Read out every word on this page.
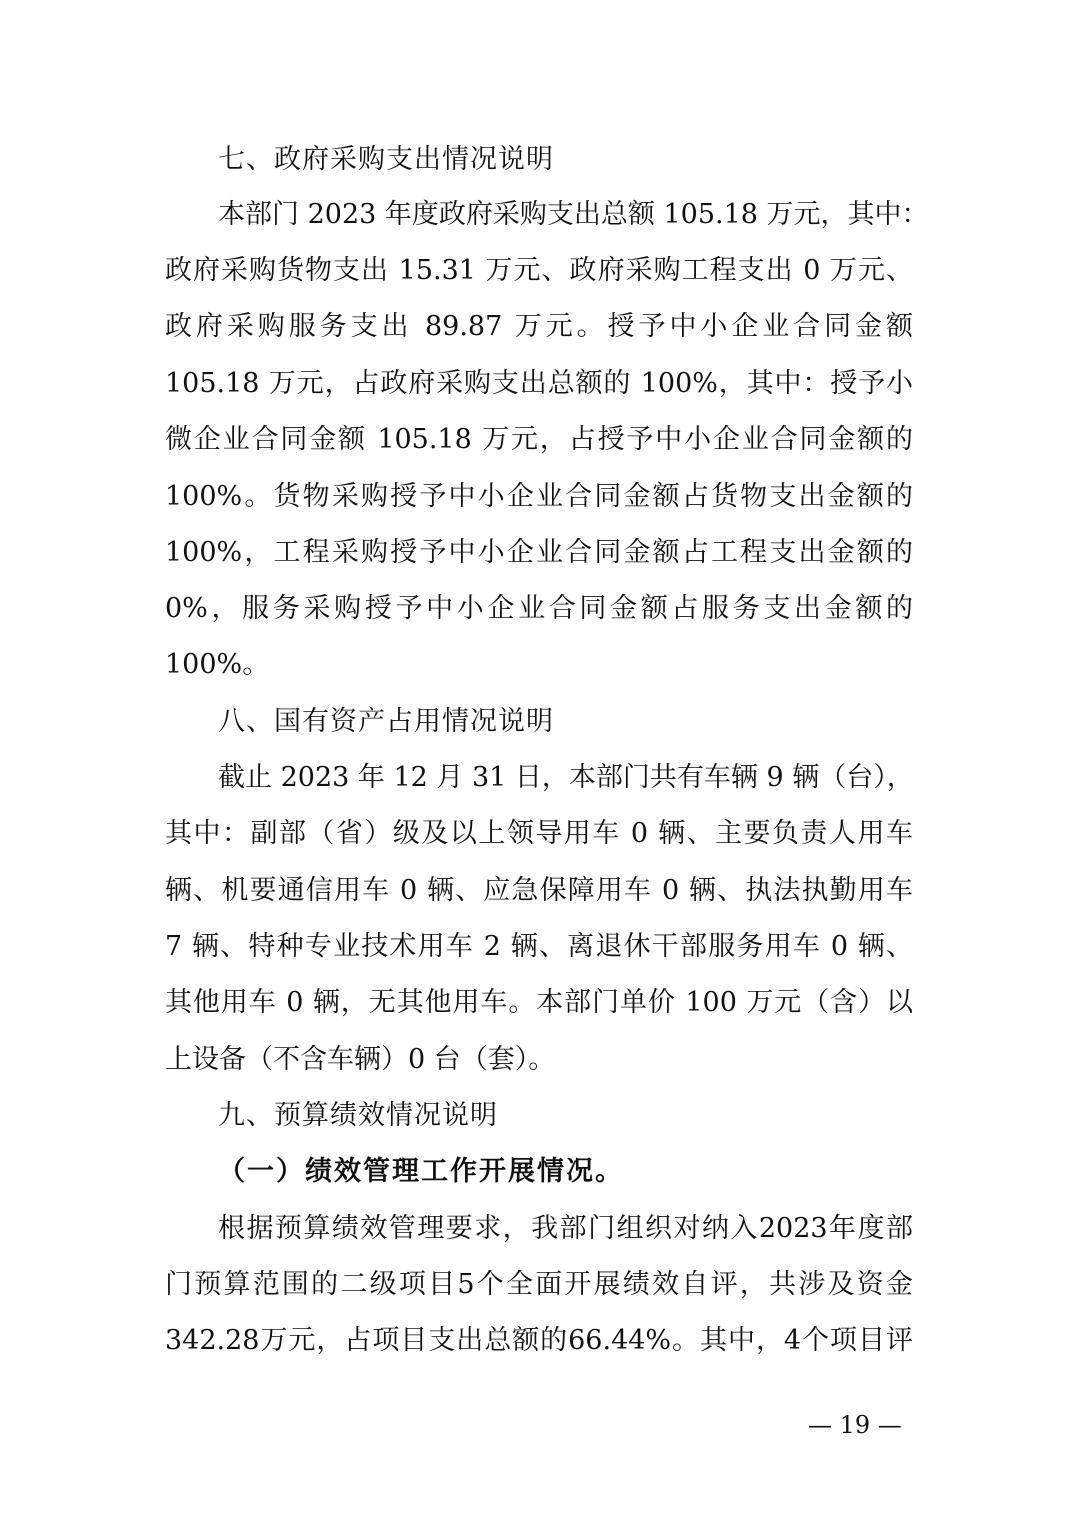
七、政府采购支出情况说明
本部门 2023 年度政府采购支出总额 105.18 万元，其中：
政府采购货物支出 15.31 万元、政府采购工程支出 0 万元、
政府采购服务支出 89.87 万元。授予中小企业合同金额
105.18 万元，占政府采购支出总额的 100%，其中：授予小
微企业合同金额 105.18 万元，占授予中小企业合同金额的
100%。货物采购授予中小企业合同金额占货物支出金额的
100%，工程采购授予中小企业合同金额占工程支出金额的
0%，服务采购授予中小企业合同金额占服务支出金额的
100%。
八、国有资产占用情况说明
截止 2023 年 12 月 31 日，本部门共有车辆 9 辆（台），
其中：副部（省）级及以上领导用车 0 辆、主要负责人用车
辆、机要通信用车 0 辆、应急保障用车 0 辆、执法执勤用车
7 辆、特种专业技术用车 2 辆、离退休干部服务用车 0 辆、
其他用车 0 辆，无其他用车。本部门单价 100 万元（含）以
上设备（不含车辆）0 台（套）。
九、预算绩效情况说明
（一）绩效管理工作开展情况。
根据预算绩效管理要求，我部门组织对纳入2023年度部
门预算范围的二级项目5个全面开展绩效自评，共涉及资金
342.28万元，占项目支出总额的66.44%。其中，4个项目评
— 19 —
